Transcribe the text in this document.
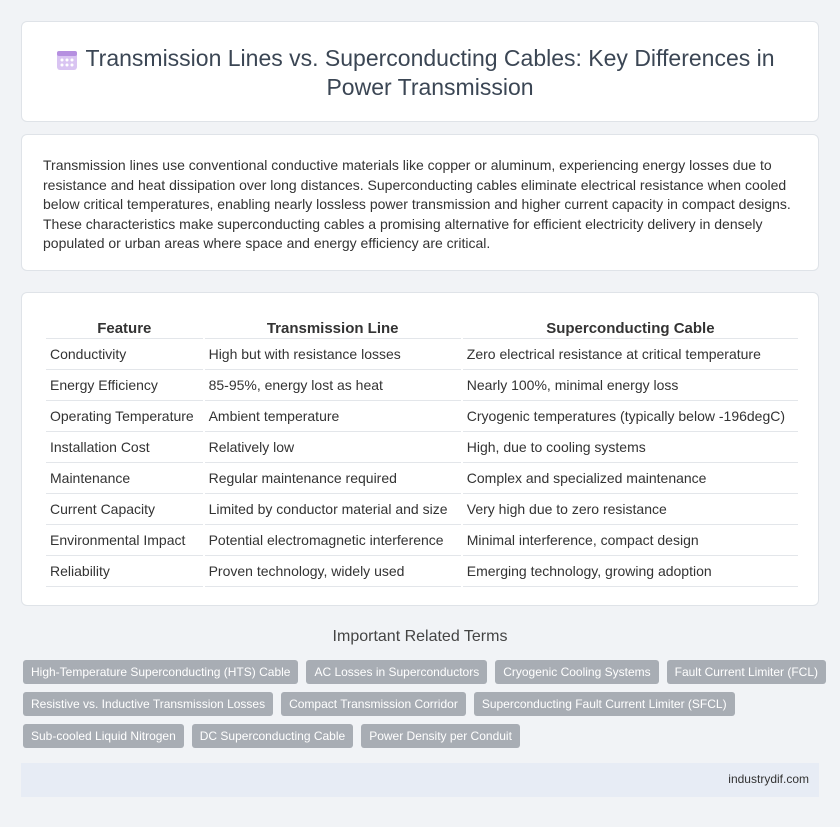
Transmission Lines vs. Superconducting Cables: Key Differences in Power Transmission

Transmission lines use conventional conductive materials like copper or aluminum, experiencing energy losses due to resistance and heat dissipation over long distances. Superconducting cables eliminate electrical resistance when cooled below critical temperatures, enabling nearly lossless power transmission and higher current capacity in compact designs. These characteristics make superconducting cables a promising alternative for efficient electricity delivery in densely populated or urban areas where space and energy efficiency are critical.

Feature	Transmission Line	Superconducting Cable
Conductivity	High but with resistance losses	Zero electrical resistance at critical temperature
Energy Efficiency	85-95%, energy lost as heat	Nearly 100%, minimal energy loss
Operating Temperature	Ambient temperature	Cryogenic temperatures (typically below -196degC)
Installation Cost	Relatively low	High, due to cooling systems
Maintenance	Regular maintenance required	Complex and specialized maintenance
Current Capacity	Limited by conductor material and size	Very high due to zero resistance
Environmental Impact	Potential electromagnetic interference	Minimal interference, compact design
Reliability	Proven technology, widely used	Emerging technology, growing adoption
Important Related Terms
High-Temperature Superconducting (HTS) Cable	AC Losses in Superconductors	Cryogenic Cooling Systems	Fault Current Limiter (FCL)
Resistive vs. Inductive Transmission Losses	Compact Transmission Corridor	Superconducting Fault Current Limiter (SFCL)
Sub-cooled Liquid Nitrogen	DC Superconducting Cable	Power Density per Conduit
industrydif.com
